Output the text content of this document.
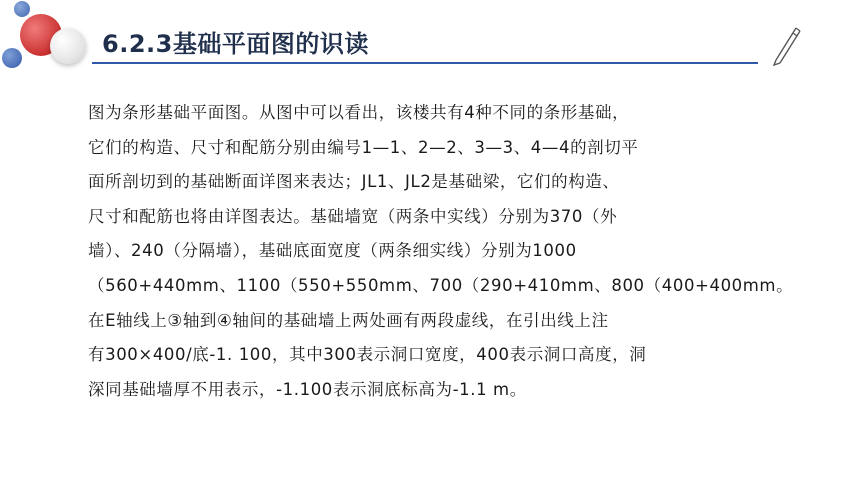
6.2.3基础平面图的识读
图为条形基础平面图。从图中可以看出，该楼共有4种不同的条形基础，
它们的构造、尺寸和配筋分别由编号1—1、2—2、3—3、4—4的剖切平
面所剖切到的基础断面详图来表达；JL1、JL2是基础梁，它们的构造、
尺寸和配筋也将由详图表达。基础墙宽（两条中实线）分别为370（外
墙）、240（分隔墙），基础底面宽度（两条细实线）分别为1000
（560+440mm、1100（550+550mm、700（290+410mm、800（400+400mm。
在E轴线上③轴到④轴间的基础墙上两处画有两段虚线，在引出线上注
有300×400/底-1. 100，其中300表示洞口宽度，400表示洞口高度，洞
深同基础墙厚不用表示，-1.100表示洞底标高为-1.1 m。
